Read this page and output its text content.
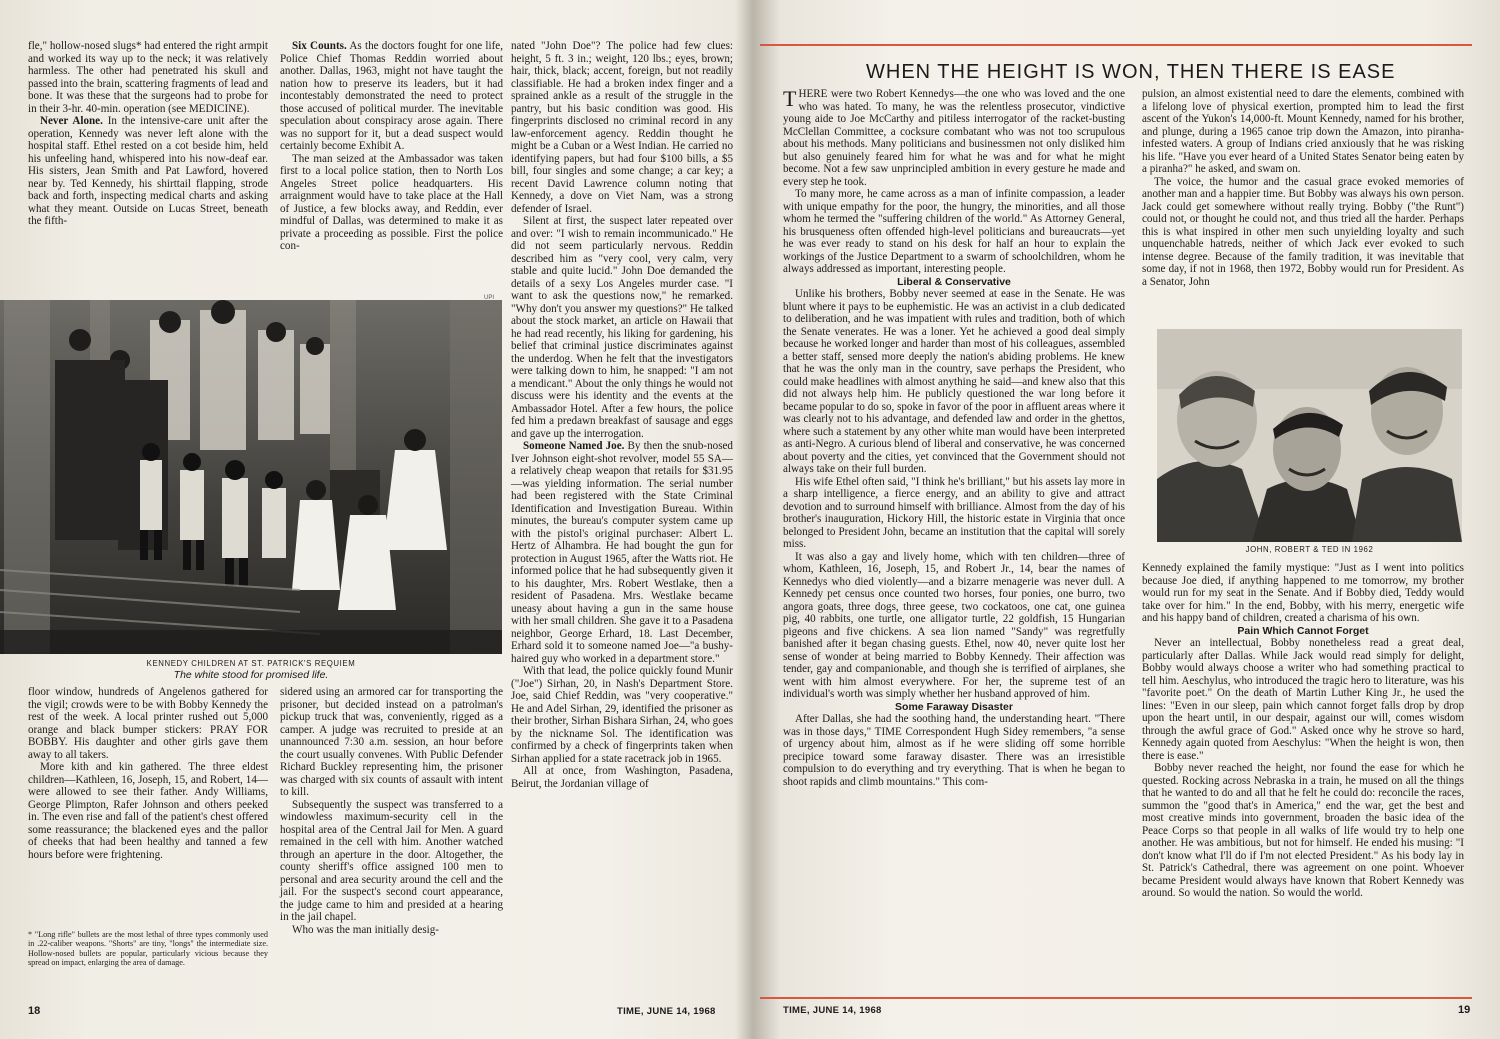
fle," hollow-nosed slugs* had entered the right armpit and worked its way up to the neck; it was relatively harmless. The other had penetrated his skull and passed into the brain, scattering fragments of lead and bone. It was these that the surgeons had to probe for in their 3-hr. 40-min. operation (see MEDICINE).

Never Alone. In the intensive-care unit after the operation, Kennedy was never left alone with the hospital staff. Ethel rested on a cot beside him, held his unfeeling hand, whispered into his now-deaf ear. His sisters, Jean Smith and Pat Lawford, hovered near by. Ted Kennedy, his shirttail flapping, strode back and forth, inspecting medical charts and asking what they meant. Outside on Lucas Street, beneath the fifth-

Six Counts. As the doctors fought for one life, Police Chief Thomas Reddin worried about another. Dallas, 1963, might not have taught the nation how to preserve its leaders, but it had incontestably demonstrated the need to protect those accused of political murder. The inevitable speculation about conspiracy arose again. There was no support for it, but a dead suspect would certainly become Exhibit A.

The man seized at the Ambassador was taken first to a local police station, then to North Los Angeles Street police headquarters. His arraignment would have to take place at the Hall of Justice, a few blocks away, and Reddin, ever mindful of Dallas, was determined to make it as private a proceeding as possible. First the police con-

nated "John Doe"? The police had few clues: height, 5 ft. 3 in.; weight, 120 lbs.; eyes, brown; hair, thick, black; accent, foreign, but not readily classifiable. He had a broken index finger and a sprained ankle as a result of the struggle in the pantry, but his basic condition was good. His fingerprints disclosed no criminal record in any law-enforcement agency. Reddin thought he might be a Cuban or a West Indian. He carried no identifying papers, but had four $100 bills, a $5 bill, four singles and some change; a car key; a recent David Lawrence column noting that Kennedy, a dove on Viet Nam, was a strong defender of Israel.

Silent at first, the suspect later repeated over and over: "I wish to remain incommunicado." He did not seem particularly nervous. Reddin described him as "very cool, very calm, very stable and quite lucid." John Doe demanded the details of a sexy Los Angeles murder case. "I want to ask the questions now," he remarked. "Why don't you answer my questions?" He talked about the stock market, an article on Hawaii that he had read recently, his liking for gardening, his belief that criminal justice discriminates against the underdog. When he felt that the investigators were talking down to him, he snapped: "I am not a mendicant." About the only things he would not discuss were his identity and the events at the Ambassador Hotel. After a few hours, the police fed him a predawn breakfast of sausage and eggs and gave up the interrogation.

Someone Named Joe. By then the snub-nosed Iver Johnson eight-shot revolver, model 55 SA—a relatively cheap weapon that retails for $31.95—was yielding information. The serial number had been registered with the State Criminal Identification and Investigation Bureau. Within minutes, the bureau's computer system came up with the pistol's original purchaser: Albert L. Hertz of Alhambra. He had bought the gun for protection in August 1965, after the Watts riot. He informed police that he had subsequently given it to his daughter, Mrs. Robert Westlake, then a resident of Pasadena. Mrs. Westlake became uneasy about having a gun in the same house with her small children. She gave it to a Pasadena neighbor, George Erhard, 18. Last December, Erhard sold it to someone named Joe—"a bushy-haired guy who worked in a department store."

With that lead, the police quickly found Munir ("Joe") Sirhan, 20, in Nash's Department Store. Joe, said Chief Reddin, was "very cooperative." He and Adel Sirhan, 29, identified the prisoner as their brother, Sirhan Bishara Sirhan, 24, who goes by the nickname Sol. The identification was confirmed by a check of fingerprints taken when Sirhan applied for a state racetrack job in 1965.

All at once, from Washington, Pasadena, Beirut, the Jordanian village of

UPI
KENNEDY CHILDREN AT ST. PATRICK'S REQUIEM
The white stood for promised life.

floor window, hundreds of Angelenos gathered for the vigil; crowds were to be with Bobby Kennedy the rest of the week. A local printer rushed out 5,000 orange and black bumper stickers: PRAY FOR BOBBY. His daughter and other girls gave them away to all takers.

More kith and kin gathered. The three eldest children—Kathleen, 16, Joseph, 15, and Robert, 14—were allowed to see their father. Andy Williams, George Plimpton, Rafer Johnson and others peeked in. The even rise and fall of the patient's chest offered some reassurance; the blackened eyes and the pallor of cheeks that had been healthy and tanned a few hours before were frightening.

* "Long rifle" bullets are the most lethal of three types commonly used in .22-caliber weapons. "Shorts" are tiny, "longs" the intermediate size. Hollow-nosed bullets are popular, particularly vicious because they spread on impact, enlarging the area of damage.

sidered using an armored car for transporting the prisoner, but decided instead on a patrolman's pickup truck that was, conveniently, rigged as a camper. A judge was recruited to preside at an unannounced 7:30 a.m. session, an hour before the court usually convenes. With Public Defender Richard Buckley representing him, the prisoner was charged with six counts of assault with intent to kill.

Subsequently the suspect was transferred to a windowless maximum-security cell in the hospital area of the Central Jail for Men. A guard remained in the cell with him. Another watched through an aperture in the door. Altogether, the county sheriff's office assigned 100 men to personal and area security around the cell and the jail. For the suspect's second court appearance, the judge came to him and presided at a hearing in the jail chapel.

Who was the man initially desig-

18	TIME, JUNE 14, 1968
WHEN THE HEIGHT IS WON, THEN THERE IS EASE

THERE were two Robert Kennedys—the one who was loved and the one who was hated. To many, he was the relentless prosecutor, vindictive young aide to Joe McCarthy and pitiless interrogator of the racket-busting McClellan Committee, a cocksure combatant who was not too scrupulous about his methods. Many politicians and businessmen not only disliked him but also genuinely feared him for what he was and for what he might become. Not a few saw unprincipled ambition in every gesture he made and every step he took.

To many more, he came across as a man of infinite compassion, a leader with unique empathy for the poor, the hungry, the minorities, and all those whom he termed the "suffering children of the world." As Attorney General, his brusqueness often offended high-level politicians and bureaucrats—yet he was ever ready to stand on his desk for half an hour to explain the workings of the Justice Department to a swarm of schoolchildren, whom he always addressed as important, interesting people.

Liberal & Conservative

Unlike his brothers, Bobby never seemed at ease in the Senate. He was blunt where it pays to be euphemistic. He was an activist in a club dedicated to deliberation, and he was impatient with rules and tradition, both of which the Senate venerates. He was a loner. Yet he achieved a good deal simply because he worked longer and harder than most of his colleagues, assembled a better staff, sensed more deeply the nation's abiding problems. He knew that he was the only man in the country, save perhaps the President, who could make headlines with almost anything he said—and knew also that this did not always help him. He publicly questioned the war long before it became popular to do so, spoke in favor of the poor in affluent areas where it was clearly not to his advantage, and defended law and order in the ghettos, where such a statement by any other white man would have been interpreted as anti-Negro. A curious blend of liberal and conservative, he was concerned about poverty and the cities, yet convinced that the Government should not always take on their full burden.

His wife Ethel often said, "I think he's brilliant," but his assets lay more in a sharp intelligence, a fierce energy, and an ability to give and attract devotion and to surround himself with brilliance. Almost from the day of his brother's inauguration, Hickory Hill, the historic estate in Virginia that once belonged to President John, became an institution that the capital will sorely miss.

It was also a gay and lively home, which with ten children—three of whom, Kathleen, 16, Joseph, 15, and Robert Jr., 14, bear the names of Kennedys who died violently—and a bizarre menagerie was never dull. A Kennedy pet census once counted two horses, four ponies, one burro, two angora goats, three dogs, three geese, two cockatoos, one cat, one guinea pig, 40 rabbits, one turtle, one alligator turtle, 22 goldfish, 15 Hungarian pigeons and five chickens. A sea lion named "Sandy" was regretfully banished after it began chasing guests. Ethel, now 40, never quite lost her sense of wonder at being married to Bobby Kennedy. Their affection was tender, gay and companionable, and though she is terrified of airplanes, she went with him almost everywhere. For her, the supreme test of an individual's worth was simply whether her husband approved of him.

Some Faraway Disaster

After Dallas, she had the soothing hand, the understanding heart. "There was in those days," TIME Correspondent Hugh Sidey remembers, "a sense of urgency about him, almost as if he were sliding off some horrible precipice toward some faraway disaster. There was an irresistible compulsion to do everything and try everything. That is when he began to shoot rapids and climb mountains." This com-

pulsion, an almost existential need to dare the elements, combined with a lifelong love of physical exertion, prompted him to lead the first ascent of the Yukon's 14,000-ft. Mount Kennedy, named for his brother, and plunge, during a 1965 canoe trip down the Amazon, into piranha-infested waters. A group of Indians cried anxiously that he was risking his life. "Have you ever heard of a United States Senator being eaten by a piranha?" he asked, and swam on.

The voice, the humor and the casual grace evoked memories of another man and a happier time. But Bobby was always his own person. Jack could get somewhere without really trying. Bobby ("the Runt") could not, or thought he could not, and thus tried all the harder. Perhaps this is what inspired in other men such unyielding loyalty and such unquenchable hatreds, neither of which Jack ever evoked to such intense degree. Because of the family tradition, it was inevitable that some day, if not in 1968, then 1972, Bobby would run for President. As a Senator, John

JOHN, ROBERT & TED IN 1962

Kennedy explained the family mystique: "Just as I went into politics because Joe died, if anything happened to me tomorrow, my brother would run for my seat in the Senate. And if Bobby died, Teddy would take over for him." In the end, Bobby, with his merry, energetic wife and his happy band of children, created a charisma of his own.

Pain Which Cannot Forget

Never an intellectual, Bobby nonetheless read a great deal, particularly after Dallas. While Jack would read simply for delight, Bobby would always choose a writer who had something practical to tell him. Aeschylus, who introduced the tragic hero to literature, was his "favorite poet." On the death of Martin Luther King Jr., he used the lines: "Even in our sleep, pain which cannot forget falls drop by drop upon the heart until, in our despair, against our will, comes wisdom through the awful grace of God." Asked once why he strove so hard, Kennedy again quoted from Aeschylus: "When the height is won, then there is ease."

Bobby never reached the height, nor found the ease for which he quested. Rocking across Nebraska in a train, he mused on all the things that he wanted to do and all that he felt he could do: reconcile the races, summon the "good that's in America," end the war, get the best and most creative minds into government, broaden the basic idea of the Peace Corps so that people in all walks of life would try to help one another. He was ambitious, but not for himself. He ended his musing: "I don't know what I'll do if I'm not elected President." As his body lay in St. Patrick's Cathedral, there was agreement on one point. Whoever became President would always have known that Robert Kennedy was around. So would the nation. So would the world.

TIME, JUNE 14, 1968	19
